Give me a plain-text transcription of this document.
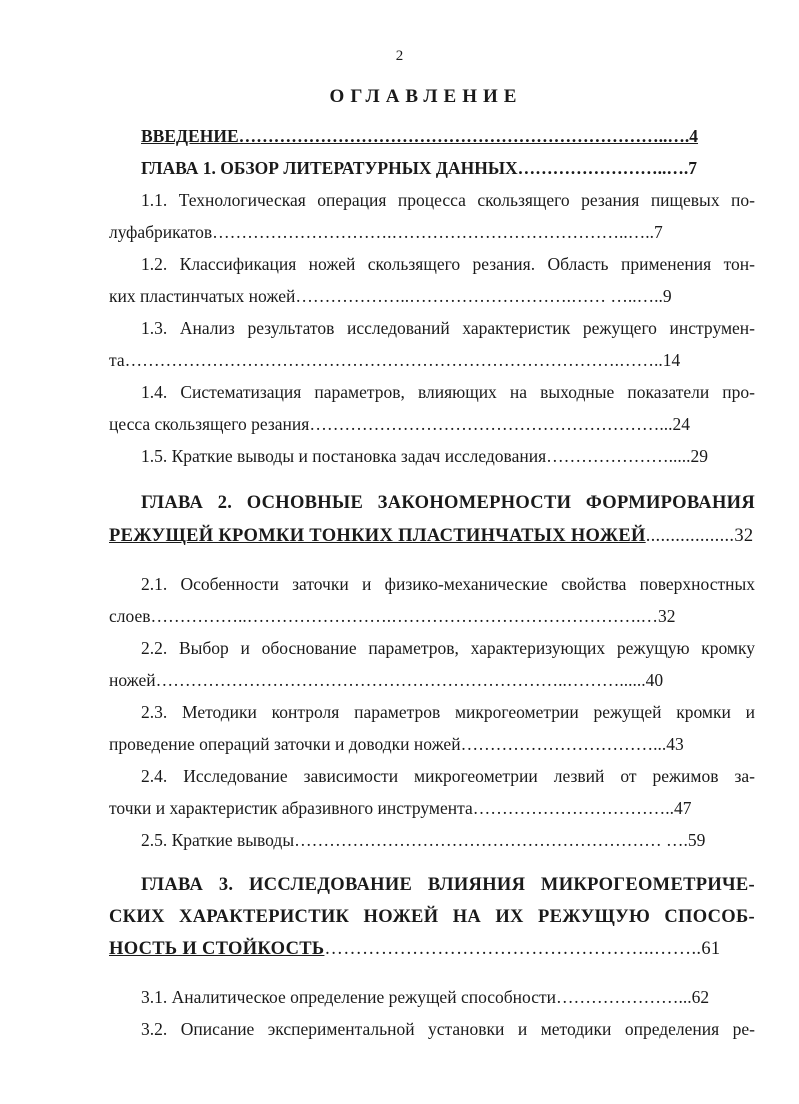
2
ОГЛАВЛЕНИЕ
ВВЕДЕНИЕ………………………………………………………………..….4
ГЛАВА 1. ОБЗОР ЛИТЕРАТУРНЫХ ДАННЫХ……………………..….7
1.1. Технологическая операция процесса скользящего резания пищевых по-
луфабрикатов………………………….…………………………………..…..7
1.2. Классификация ножей скользящего резания. Область применения тон-
ких пластинчатых ножей………………..……………………….…… …..…..9
1.3. Анализ результатов исследований характеристик режущего инструмен-
та………………………………………………………………………….……..14
1.4. Систематизация параметров, влияющих на выходные показатели про-
цесса скользящего резания……………………………………………………...24
1.5. Краткие выводы и постановка задач исследования………………….....29
ГЛАВА 2. ОСНОВНЫЕ ЗАКОНОМЕРНОСТИ ФОРМИРОВАНИЯ
РЕЖУЩЕЙ КРОМКИ ТОНКИХ ПЛАСТИНЧАТЫХ НОЖЕЙ..................32
2.1. Особенности заточки и физико-механические свойства поверхностных
слоев……………..…………………….…………………………………….…32
2.2. Выбор и обоснование параметров, характеризующих режущую кромку
ножей……………………………………………………………..………......40
2.3. Методики контроля параметров микрогеометрии режущей кромки и
проведение операций заточки и доводки ножей……………………………...43
2.4. Исследование зависимости микрогеометрии лезвий от режимов за-
точки и характеристик абразивного инструмента……………………………..47
2.5. Краткие выводы……………………………………………………… ….59
ГЛАВА 3. ИССЛЕДОВАНИЕ ВЛИЯНИЯ МИКРОГЕОМЕТРИЧЕ-
СКИХ ХАРАКТЕРИСТИК НОЖЕЙ НА ИХ РЕЖУЩУЮ СПОСОБ-
НОСТЬ И СТОЙКОСТЬ……………………………………………..……..61
3.1. Аналитическое определение режущей способности…………………...62
3.2. Описание экспериментальной установки и методики определения ре-
